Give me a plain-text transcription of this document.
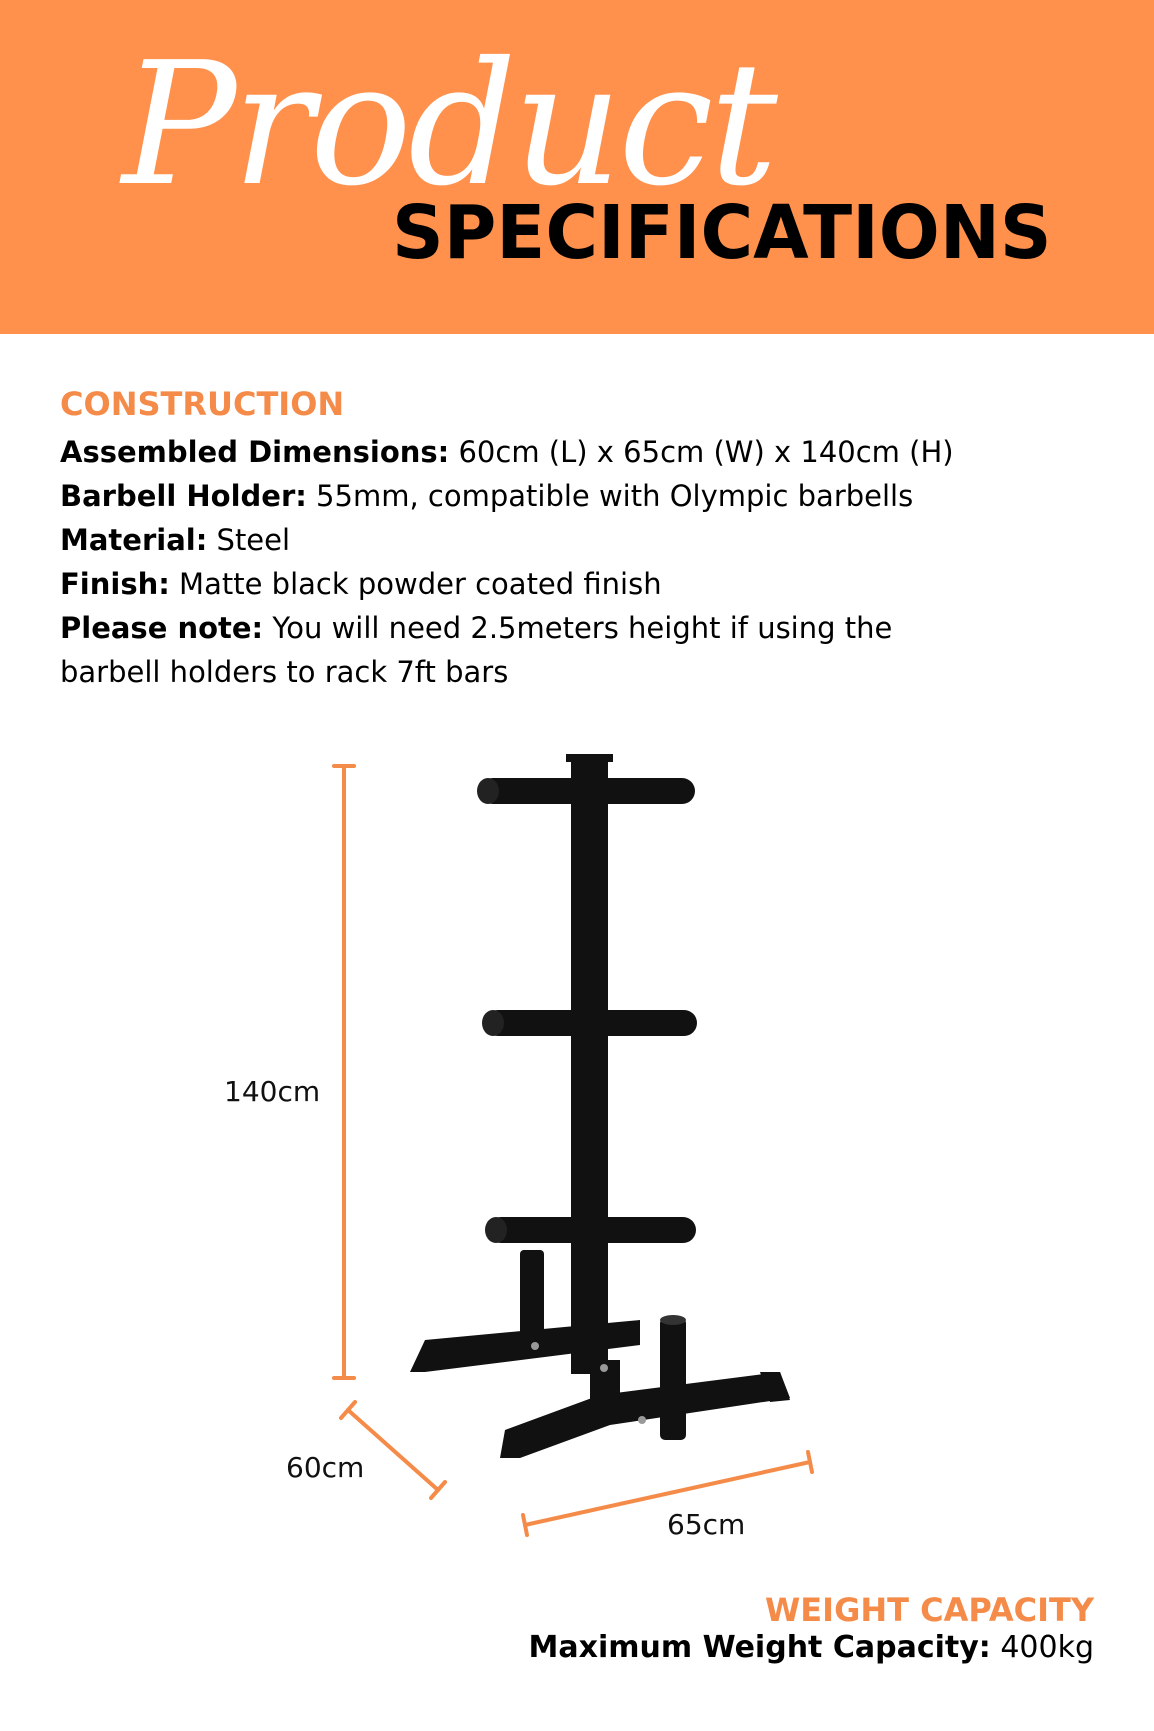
Product
SPECIFICATIONS
CONSTRUCTION
Assembled Dimensions: 60cm (L) x 65cm (W) x 140cm (H)
Barbell Holder: 55mm, compatible with Olympic barbells
Material: Steel
Finish: Matte black powder coated finish
Please note: You will need 2.5meters height if using the barbell holders to rack 7ft bars
140cm
60cm
65cm
WEIGHT CAPACITY
Maximum Weight Capacity: 400kg
